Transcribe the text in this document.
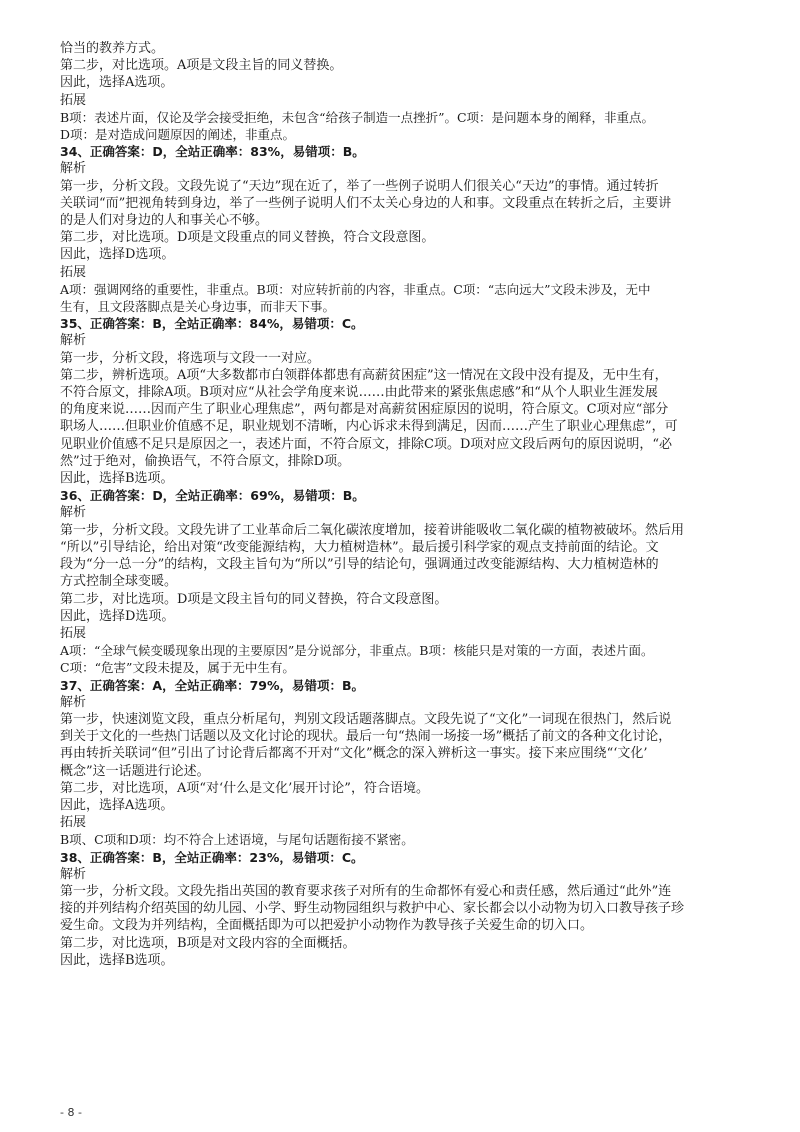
恰当的教养方式。

第二步，对比选项。A项是文段主旨的同义替换。

因此，选择A选项。

拓展

B项：表述片面，仅论及学会接受拒绝，未包含“给孩子制造一点挫折”。C项：是问题本身的阐释，非重点。

D项：是对造成问题原因的阐述，非重点。

34、正确答案：D，全站正确率：83%，易错项：B。

解析

第一步，分析文段。文段先说了“天边”现在近了，举了一些例子说明人们很关心“天边”的事情。通过转折

关联词“而”把视角转到身边，举了一些例子说明人们不太关心身边的人和事。文段重点在转折之后，主要讲

的是人们对身边的人和事关心不够。

第二步，对比选项。D项是文段重点的同义替换，符合文段意图。

因此，选择D选项。

拓展

A项：强调网络的重要性，非重点。B项：对应转折前的内容，非重点。C项：“志向远大”文段未涉及，无中

生有，且文段落脚点是关心身边事，而非天下事。

35、正确答案：B，全站正确率：84%，易错项：C。

解析

第一步，分析文段，将选项与文段一一对应。

第二步，辨析选项。A项“大多数都市白领群体都患有高薪贫困症”这一情况在文段中没有提及，无中生有，

不符合原文，排除A项。B项对应“从社会学角度来说……由此带来的紧张焦虑感”和“从个人职业生涯发展

的角度来说……因而产生了职业心理焦虑”，两句都是对高薪贫困症原因的说明，符合原文。C项对应“部分

职场人……但职业价值感不足，职业规划不清晰，内心诉求未得到满足，因而……产生了职业心理焦虑”，可

见职业价值感不足只是原因之一，表述片面，不符合原文，排除C项。D项对应文段后两句的原因说明，“必

然”过于绝对，偷换语气，不符合原文，排除D项。

因此，选择B选项。

36、正确答案：D，全站正确率：69%，易错项：B。

解析

第一步，分析文段。文段先讲了工业革命后二氧化碳浓度增加，接着讲能吸收二氧化碳的植物被破坏。然后用

“所以”引导结论，给出对策“改变能源结构，大力植树造林”。最后援引科学家的观点支持前面的结论。文

段为“分一总一分”的结构，文段主旨句为“所以”引导的结论句，强调通过改变能源结构、大力植树造林的

方式控制全球变暖。

第二步，对比选项。D项是文段主旨句的同义替换，符合文段意图。

因此，选择D选项。

拓展

A项：“全球气候变暖现象出现的主要原因”是分说部分，非重点。B项：核能只是对策的一方面，表述片面。

C项：“危害”文段未提及，属于无中生有。

37、正确答案：A，全站正确率：79%，易错项：B。

解析

第一步，快速浏览文段，重点分析尾句，判别文段话题落脚点。文段先说了“文化”一词现在很热门，然后说

到关于文化的一些热门话题以及文化讨论的现状。最后一句“热闹一场接一场”概括了前文的各种文化讨论，

再由转折关联词“但”引出了讨论背后都离不开对“文化”概念的深入辨析这一事实。接下来应围绕“‘文化’

概念”这一话题进行论述。

第二步，对比选项，A项“对‘什么是文化’展开讨论”，符合语境。

因此，选择A选项。

拓展

B项、C项和D项：均不符合上述语境，与尾句话题衔接不紧密。

38、正确答案：B，全站正确率：23%，易错项：C。

解析

第一步，分析文段。文段先指出英国的教育要求孩子对所有的生命都怀有爱心和责任感，然后通过“此外”连

接的并列结构介绍英国的幼儿园、小学、野生动物园组织与救护中心、家长都会以小动物为切入口教导孩子珍

爱生命。文段为并列结构，全面概括即为可以把爱护小动物作为教导孩子关爱生命的切入口。

第二步，对比选项，B项是对文段内容的全面概括。

因此，选择B选项。

- 8 -
